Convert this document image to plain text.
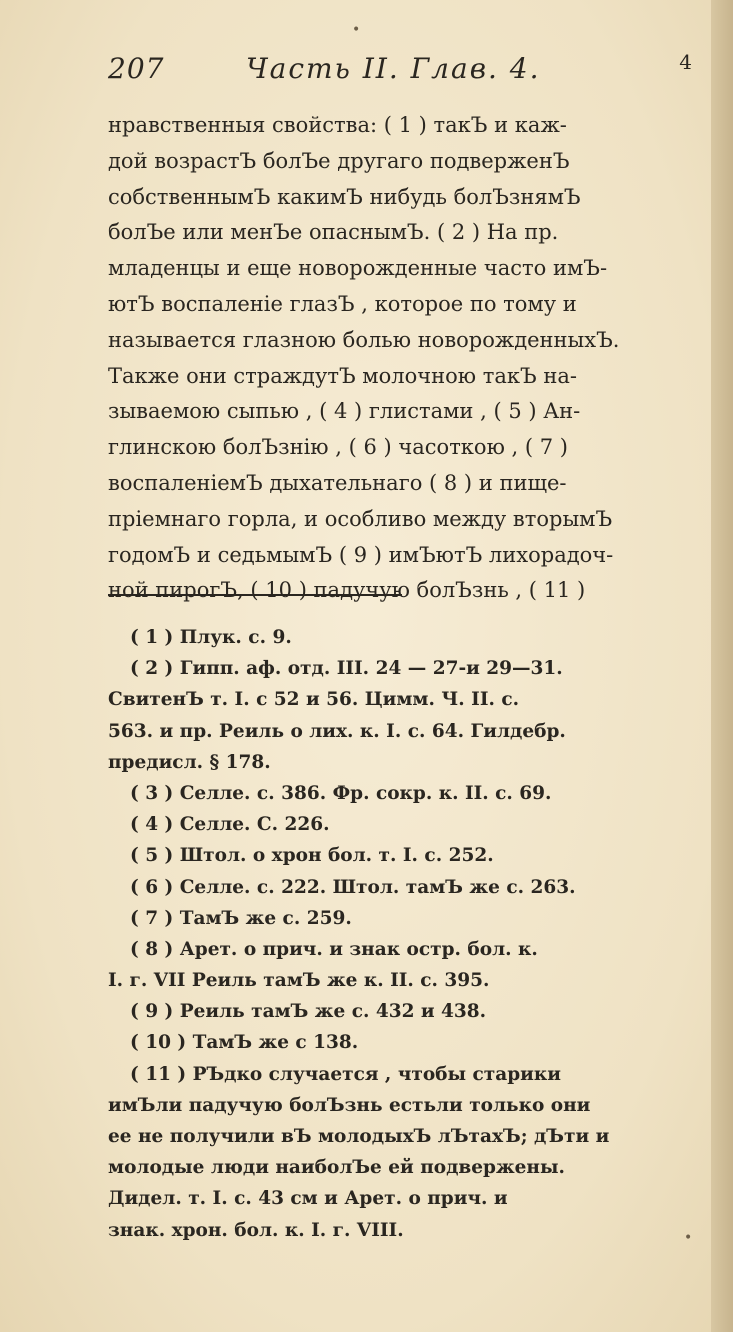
207	Часть II. Глав. 4.	4
нравственныя свойства: ( 1 ) такЪ и каж-
дой возрастЪ болЪе другаго подверженЪ
собственнымЪ какимЪ нибудь болЪзнямЪ
болЪе или менЪе опаснымЪ. ( 2 ) На пр.
младенцы и еще новорожденные часто имЪ-
ютЪ воспаленіе глазЪ , которое по тому и
называется глазною болью новорожденныхЪ.
Также они страждутЪ молочною такЪ на-
зываемою сыпью , ( 4 ) глистами , ( 5 ) Ан-
глинскою болЪзнію , ( 6 ) часоткою , ( 7 )
воспаленіемЪ дыхательнаго ( 8 ) и пище-
пріемнаго горла, и особливо между вторымЪ
годомЪ и седьмымЪ ( 9 ) имЪютЪ лихорадоч-
ной пирогЪ, ( 10 ) падучую болЪзнь , ( 11 )
( 1 ) Плук. с. 9.
( 2 ) Гипп. аф. отд. III. 24 — 27-и 29—31.
СвитенЪ т. I. с 52 и 56. Цимм. Ч. II. с.
563. и пр. Реиль о лих. к. I. с. 64. Гилдебр.
предисл. § 178.
( 3 ) Селле. с. 386. Фр. сокр. к. II. с. 69.
( 4 ) Селле. С. 226.
( 5 ) Штол. о хрон бол. т. I. с. 252.
( 6 ) Селле. с. 222. Штол. тамЪ же с. 263.
( 7 ) ТамЪ же с. 259.
( 8 ) Арет. о прич. и знак остр. бол. к.
I. г. VII Реиль тамЪ же к. II. с. 395.
( 9 ) Реиль тамЪ же с. 432 и 438.
( 10 ) ТамЪ же с 138.
( 11 ) РЪдко случается , чтобы старики
имЪли падучую болЪзнь естьли только они
ее не получили вЪ молодыхЪ лЪтахЪ; дЪти и
молодые люди наиболЪе ей подвержены.
Дидел. т. I. с. 43 см и Арет. о прич. и
знак. хрон. бол. к. I. г. VIII.
•
•
